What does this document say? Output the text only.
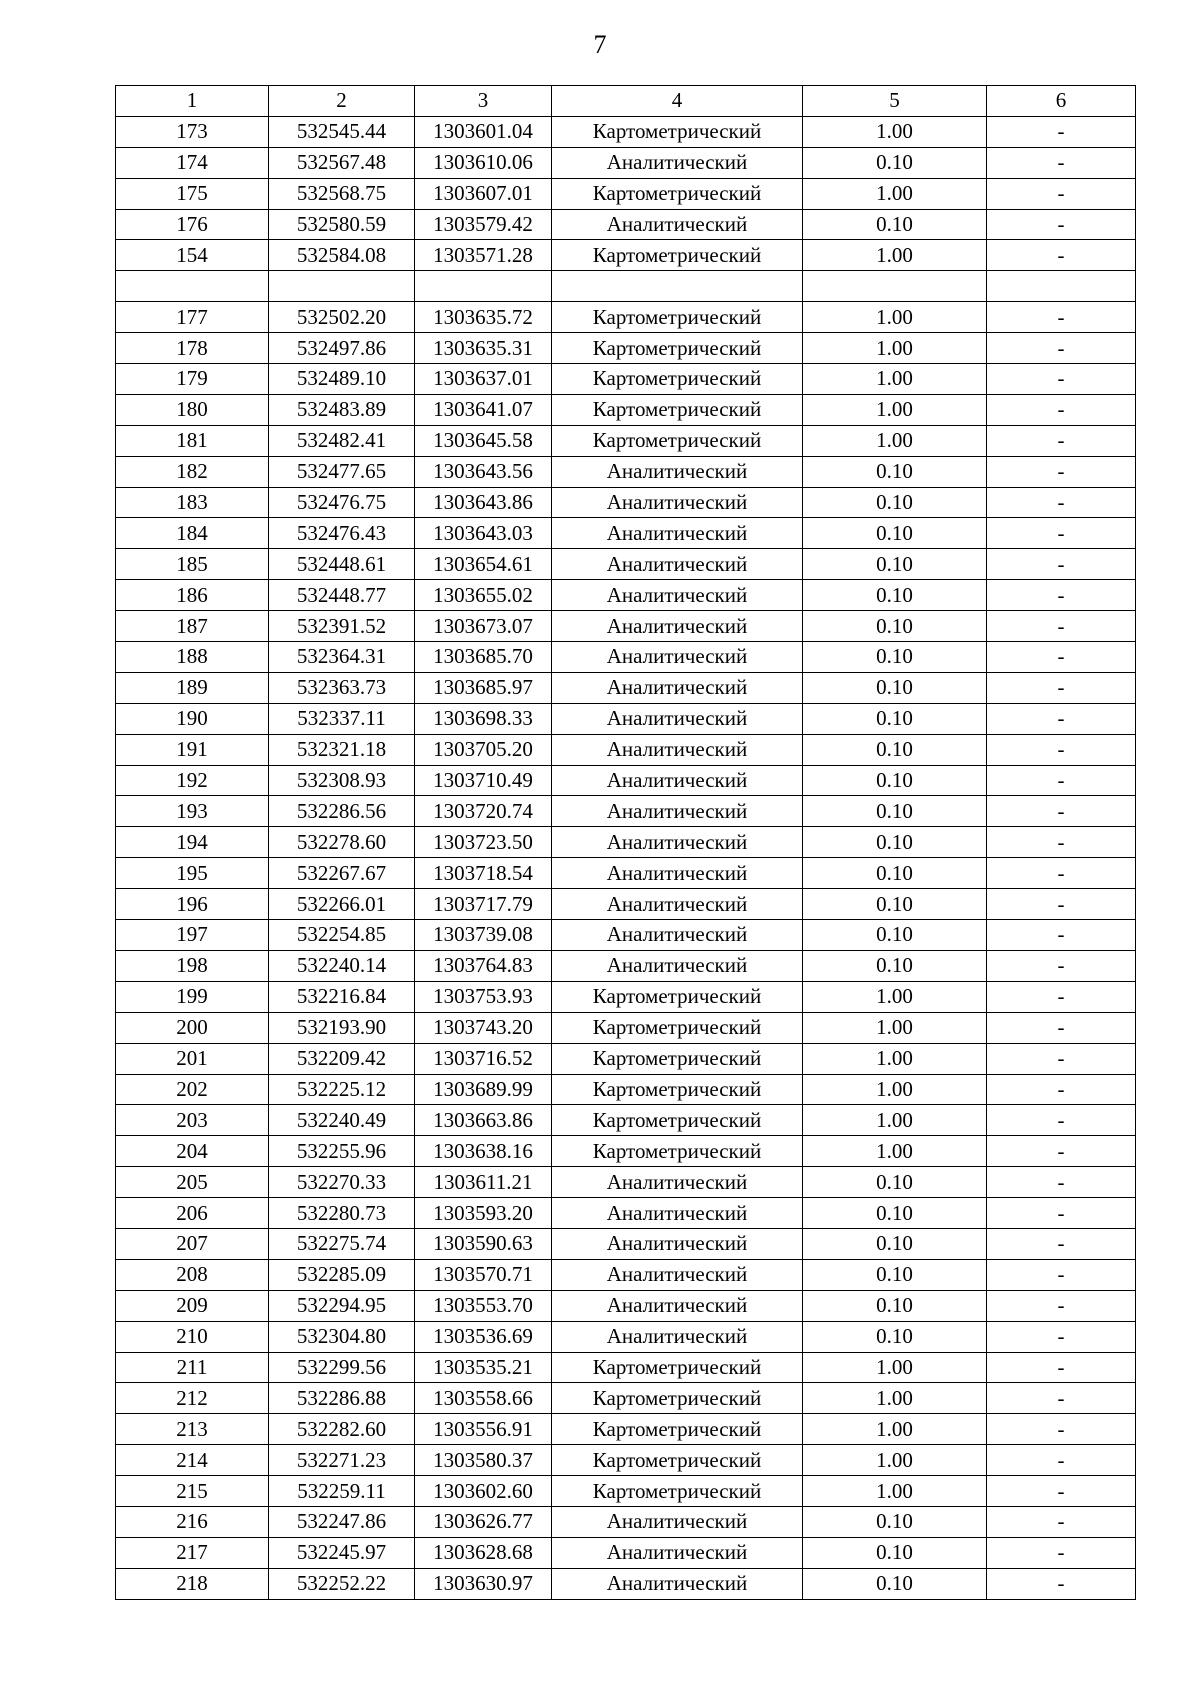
7
1	2	3	4	5	6
173	532545.44	1303601.04	Картометрический	1.00	-
174	532567.48	1303610.06	Аналитический	0.10	-
175	532568.75	1303607.01	Картометрический	1.00	-
176	532580.59	1303579.42	Аналитический	0.10	-
154	532584.08	1303571.28	Картометрический	1.00	-

177	532502.20	1303635.72	Картометрический	1.00	-
178	532497.86	1303635.31	Картометрический	1.00	-
179	532489.10	1303637.01	Картометрический	1.00	-
180	532483.89	1303641.07	Картометрический	1.00	-
181	532482.41	1303645.58	Картометрический	1.00	-
182	532477.65	1303643.56	Аналитический	0.10	-
183	532476.75	1303643.86	Аналитический	0.10	-
184	532476.43	1303643.03	Аналитический	0.10	-
185	532448.61	1303654.61	Аналитический	0.10	-
186	532448.77	1303655.02	Аналитический	0.10	-
187	532391.52	1303673.07	Аналитический	0.10	-
188	532364.31	1303685.70	Аналитический	0.10	-
189	532363.73	1303685.97	Аналитический	0.10	-
190	532337.11	1303698.33	Аналитический	0.10	-
191	532321.18	1303705.20	Аналитический	0.10	-
192	532308.93	1303710.49	Аналитический	0.10	-
193	532286.56	1303720.74	Аналитический	0.10	-
194	532278.60	1303723.50	Аналитический	0.10	-
195	532267.67	1303718.54	Аналитический	0.10	-
196	532266.01	1303717.79	Аналитический	0.10	-
197	532254.85	1303739.08	Аналитический	0.10	-
198	532240.14	1303764.83	Аналитический	0.10	-
199	532216.84	1303753.93	Картометрический	1.00	-
200	532193.90	1303743.20	Картометрический	1.00	-
201	532209.42	1303716.52	Картометрический	1.00	-
202	532225.12	1303689.99	Картометрический	1.00	-
203	532240.49	1303663.86	Картометрический	1.00	-
204	532255.96	1303638.16	Картометрический	1.00	-
205	532270.33	1303611.21	Аналитический	0.10	-
206	532280.73	1303593.20	Аналитический	0.10	-
207	532275.74	1303590.63	Аналитический	0.10	-
208	532285.09	1303570.71	Аналитический	0.10	-
209	532294.95	1303553.70	Аналитический	0.10	-
210	532304.80	1303536.69	Аналитический	0.10	-
211	532299.56	1303535.21	Картометрический	1.00	-
212	532286.88	1303558.66	Картометрический	1.00	-
213	532282.60	1303556.91	Картометрический	1.00	-
214	532271.23	1303580.37	Картометрический	1.00	-
215	532259.11	1303602.60	Картометрический	1.00	-
216	532247.86	1303626.77	Аналитический	0.10	-
217	532245.97	1303628.68	Аналитический	0.10	-
218	532252.22	1303630.97	Аналитический	0.10	-
